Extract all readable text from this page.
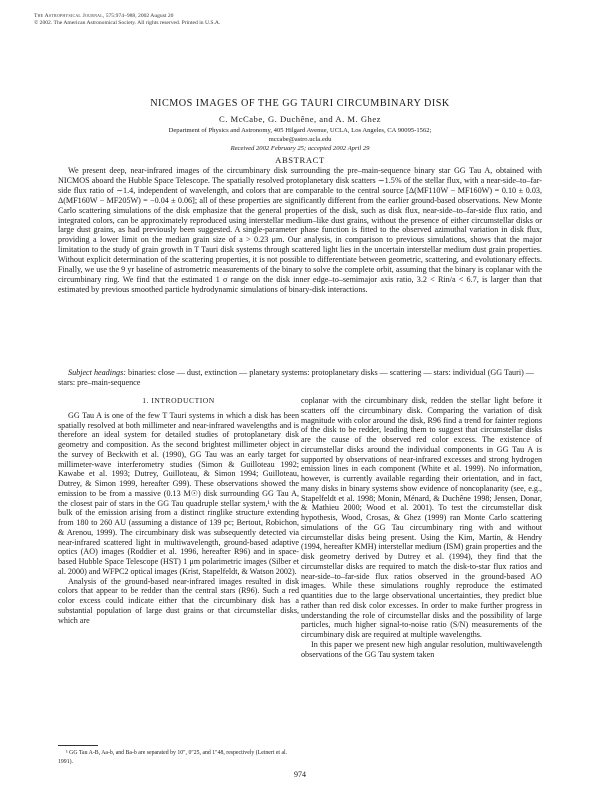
The Astrophysical Journal, 575:974–988, 2002 August 20
© 2002. The American Astronomical Society. All rights reserved. Printed in U.S.A.
NICMOS IMAGES OF THE GG TAURI CIRCUMBINARY DISK
C. McCabe, G. Duchêne, and A. M. Ghez
Department of Physics and Astronomy, 405 Hilgard Avenue, UCLA, Los Angeles, CA 90095-1562;
mccabe@astro.ucla.edu
Received 2002 February 25; accepted 2002 April 29
ABSTRACT

We present deep, near-infrared images of the circumbinary disk surrounding the pre–main-sequence binary star GG Tau A, obtained with NICMOS aboard the Hubble Space Telescope. The spatially resolved protoplanetary disk scatters ∼1.5% of the stellar flux, with a near-side–to–far-side flux ratio of ∼1.4, independent of wavelength, and colors that are comparable to the central source [Δ(MF110W − MF160W) = 0.10 ± 0.03, Δ(MF160W − MF205W) = −0.04 ± 0.06]; all of these properties are significantly different from the earlier ground-based observations. New Monte Carlo scattering simulations of the disk emphasize that the general properties of the disk, such as disk flux, near-side–to–far-side flux ratio, and integrated colors, can be approximately reproduced using interstellar medium–like dust grains, without the presence of either circumstellar disks or large dust grains, as had previously been suggested. A single-parameter phase function is fitted to the observed azimuthal variation in disk flux, providing a lower limit on the median grain size of a > 0.23 μm. Our analysis, in comparison to previous simulations, shows that the major limitation to the study of grain growth in T Tauri disk systems through scattered light lies in the uncertain interstellar medium dust grain properties. Without explicit determination of the scattering properties, it is not possible to differentiate between geometric, scattering, and evolutionary effects. Finally, we use the 9 yr baseline of astrometric measurements of the binary to solve the complete orbit, assuming that the binary is coplanar with the circumbinary ring. We find that the estimated 1 σ range on the disk inner edge–to–semimajor axis ratio, 3.2 < Rin/a < 6.7, is larger than that estimated by previous smoothed particle hydrodynamic simulations of binary-disk interactions.

Subject headings: binaries: close — dust, extinction — planetary systems: protoplanetary disks — scattering — stars: individual (GG Tauri) — stars: pre–main-sequence

1. INTRODUCTION

GG Tau A is one of the few T Tauri systems in which a disk has been spatially resolved at both millimeter and near-infrared wavelengths and is therefore an ideal system for detailed studies of protoplanetary disk geometry and composition. As the second brightest millimeter object in the survey of Beckwith et al. (1990), GG Tau was an early target for millimeter-wave interferometry studies (Simon & Guilloteau 1992; Kawabe et al. 1993; Dutrey, Guilloteau, & Simon 1994; Guilloteau, Dutrey, & Simon 1999, hereafter G99). These observations showed the emission to be from a massive (0.13 M☉) disk surrounding GG Tau A, the closest pair of stars in the GG Tau quadruple stellar system,¹ with the bulk of the emission arising from a distinct ringlike structure extending from 180 to 260 AU (assuming a distance of 139 pc; Bertout, Robichon, & Arenou, 1999). The circumbinary disk was subsequently detected via near-infrared scattered light in multiwavelength, ground-based adaptive optics (AO) images (Roddier et al. 1996, hereafter R96) and in space-based Hubble Space Telescope (HST) 1 μm polarimetric images (Silber et al. 2000) and WFPC2 optical images (Krist, Stapelfeldt, & Watson 2002).

Analysis of the ground-based near-infrared images resulted in disk colors that appear to be redder than the central stars (R96). Such a red color excess could indicate either that the circumbinary disk has a substantial population of large dust grains or that circumstellar disks, which are

coplanar with the circumbinary disk, redden the stellar light before it scatters off the circumbinary disk. Comparing the variation of disk magnitude with color around the disk, R96 find a trend for fainter regions of the disk to be redder, leading them to suggest that circumstellar disks are the cause of the observed red color excess. The existence of circumstellar disks around the individual components in GG Tau A is supported by observations of near-infrared excesses and strong hydrogen emission lines in each component (White et al. 1999). No information, however, is currently available regarding their orientation, and in fact, many disks in binary systems show evidence of noncoplanarity (see, e.g., Stapelfeldt et al. 1998; Monin, Ménard, & Duchêne 1998; Jensen, Donar, & Mathieu 2000; Wood et al. 2001). To test the circumstellar disk hypothesis, Wood, Crosas, & Ghez (1999) ran Monte Carlo scattering simulations of the GG Tau circumbinary ring with and without circumstellar disks being present. Using the Kim, Martin, & Hendry (1994, hereafter KMH) interstellar medium (ISM) grain properties and the disk geometry derived by Dutrey et al. (1994), they find that the circumstellar disks are required to match the disk-to-star flux ratios and near-side–to–far-side flux ratios observed in the ground-based AO images. While these simulations roughly reproduce the estimated quantities due to the large observational uncertainties, they predict blue rather than red disk color excesses. In order to make further progress in understanding the role of circumstellar disks and the possibility of large particles, much higher signal-to-noise ratio (S/N) measurements of the circumbinary disk are required at multiple wavelengths.

In this paper we present new high angular resolution, multiwavelength observations of the GG Tau system taken

¹ GG Tau A-B, Aa-b, and Ba-b are separated by 10″, 0″25, and 1″48, respectively (Leinert et al. 1991).

974
